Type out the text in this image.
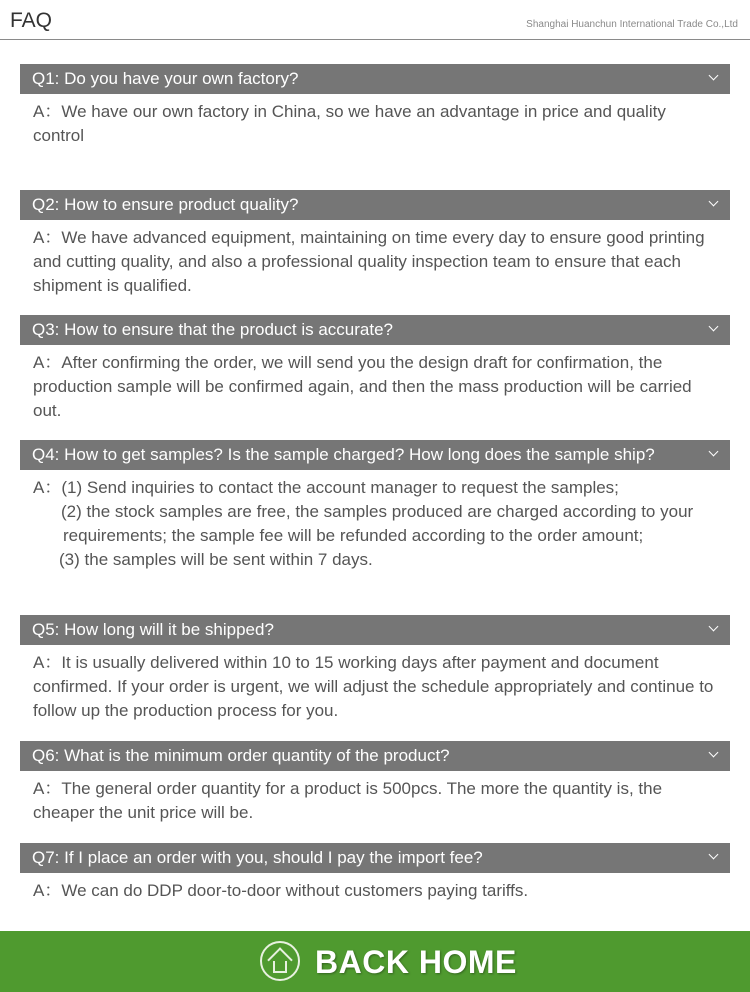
FAQ	Shanghai Huanchun International Trade Co.,Ltd
Q1: Do you have your own factory?
A：We have our own factory in China, so we have an advantage in price and quality control
Q2: How to ensure product quality?
A：We have advanced equipment, maintaining on time every day to ensure good printing and cutting quality, and also a professional quality inspection team to ensure that each shipment is qualified.
Q3: How to ensure that the product is accurate?
A：After confirming the order, we will send you the design draft for confirmation, the production sample will be confirmed again, and then the mass production will be carried out.
Q4: How to get samples? Is the sample charged? How long does the sample ship?
A：(1) Send inquiries to contact the account manager to request the samples;
(2) the stock samples are free, the samples produced are charged according to your requirements; the sample fee will be refunded according to the order amount;
(3) the samples will be sent within 7 days.
Q5: How long will it be shipped?
A：It is usually delivered within 10 to 15 working days after payment and document confirmed. If your order is urgent, we will adjust the schedule appropriately and continue to follow up the production process for you.
Q6: What is the minimum order quantity of the product?
A：The general order quantity for a product is 500pcs. The more the quantity is, the cheaper the unit price will be.
Q7: If I place an order with you, should I pay the import fee?
A：We can do DDP door-to-door without customers paying tariffs.
BACK HOME
